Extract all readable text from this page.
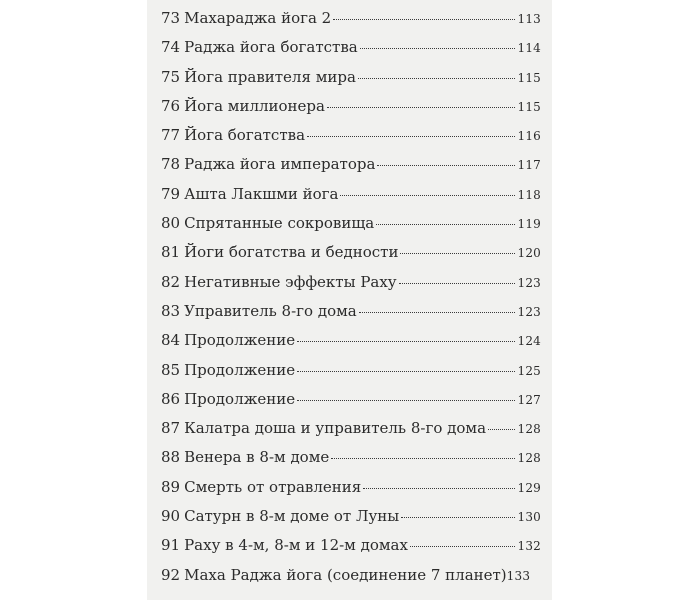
73 Махараджа йога 2	113
74 Раджа йога богатства	114
75 Йога правителя мира	115
76 Йога миллионера	115
77 Йога богатства	116
78 Раджа йога императора	117
79 Ашта Лакшми йога	118
80 Спрятанные сокровища	119
81 Йоги богатства и бедности	120
82 Негативные эффекты Раху	123
83 Управитель 8-го дома	123
84 Продолжение	124
85 Продолжение	125
86 Продолжение	127
87 Калатра доша и управитель 8-го дома	128
88 Венера в 8-м доме	128
89 Смерть от отравления	129
90 Сатурн в 8-м доме от Луны	130
91 Раху в 4-м, 8-м и 12-м домах	132
92 Маха Раджа йога (соединение 7 планет) 133
